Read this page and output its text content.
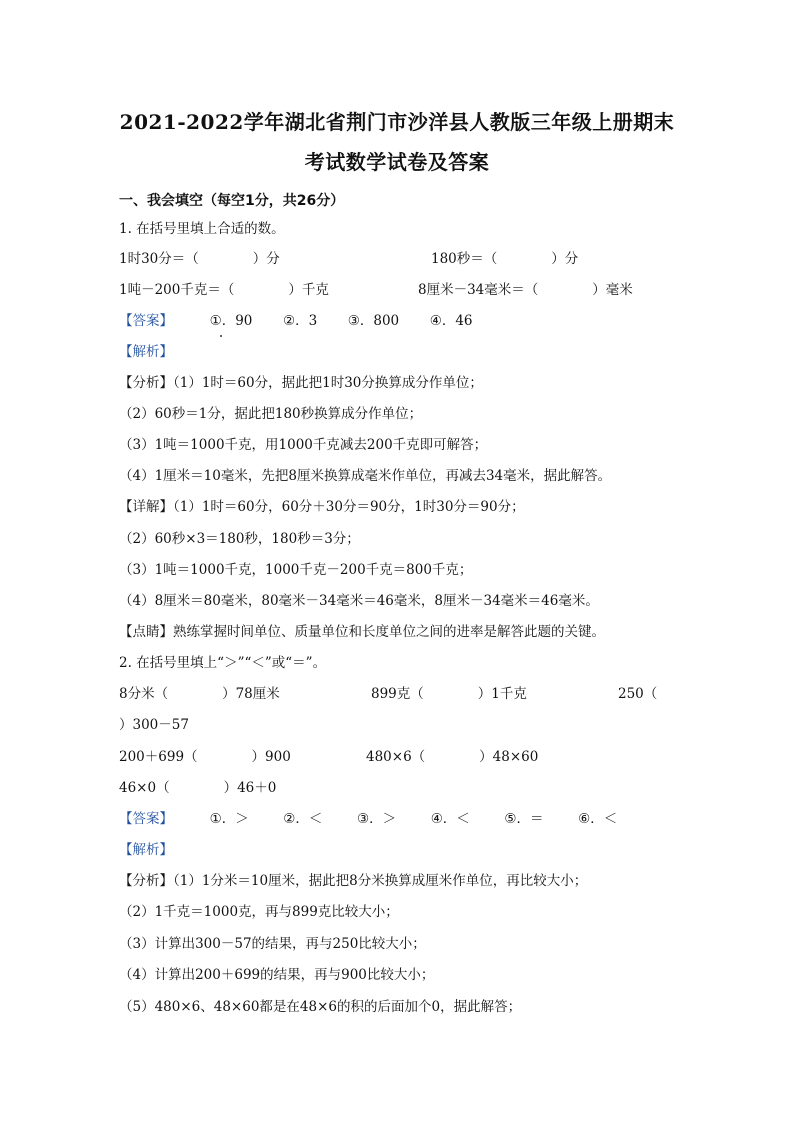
2021-2022学年湖北省荆门市沙洋县人教版三年级上册期末
考试数学试卷及答案
一、我会填空（每空1分，共26分）
1. 在括号里填上合适的数。
1时30分＝（　　　　）分	180秒＝（　　　　）分
1吨－200千克＝（　　　　）千克	8厘米－34毫米＝（　　　　）毫米
【答案】	①．90 ②．3 ③．800 ④．46
【解析】
【分析】（1）1时＝60分，据此把1时30分换算成分作单位；
（2）60秒＝1分，据此把180秒换算成分作单位；
（3）1吨＝1000千克，用1000千克减去200千克即可解答；
（4）1厘米＝10毫米，先把8厘米换算成毫米作单位，再减去34毫米，据此解答。
【详解】（1）1时＝60分，60分＋30分＝90分，1时30分＝90分；
（2）60秒×3＝180秒，180秒＝3分；
（3）1吨＝1000千克，1000千克－200千克＝800千克；
（4）8厘米＝80毫米，80毫米－34毫米＝46毫米，8厘米－34毫米＝46毫米。
【点睛】熟练掌握时间单位、质量单位和长度单位之间的进率是解答此题的关键。
2. 在括号里填上“＞”“＜”或“＝”。
8分米（　　　　）78厘米	899克（　　　　）1千克	250（
）300－57
200＋699（　　　　）900	480×6（　　　　）48×60
46×0（　　　　）46＋0
【答案】	①．＞	②．＜	③．＞	④．＜	⑤．＝	⑥．＜
【解析】
【分析】（1）1分米＝10厘米，据此把8分米换算成厘米作单位，再比较大小；
（2）1千克＝1000克，再与899克比较大小；
（3）计算出300－57的结果，再与250比较大小；
（4）计算出200＋699的结果，再与900比较大小；
（5）480×6、48×60都是在48×6的积的后面加个0，据此解答；
